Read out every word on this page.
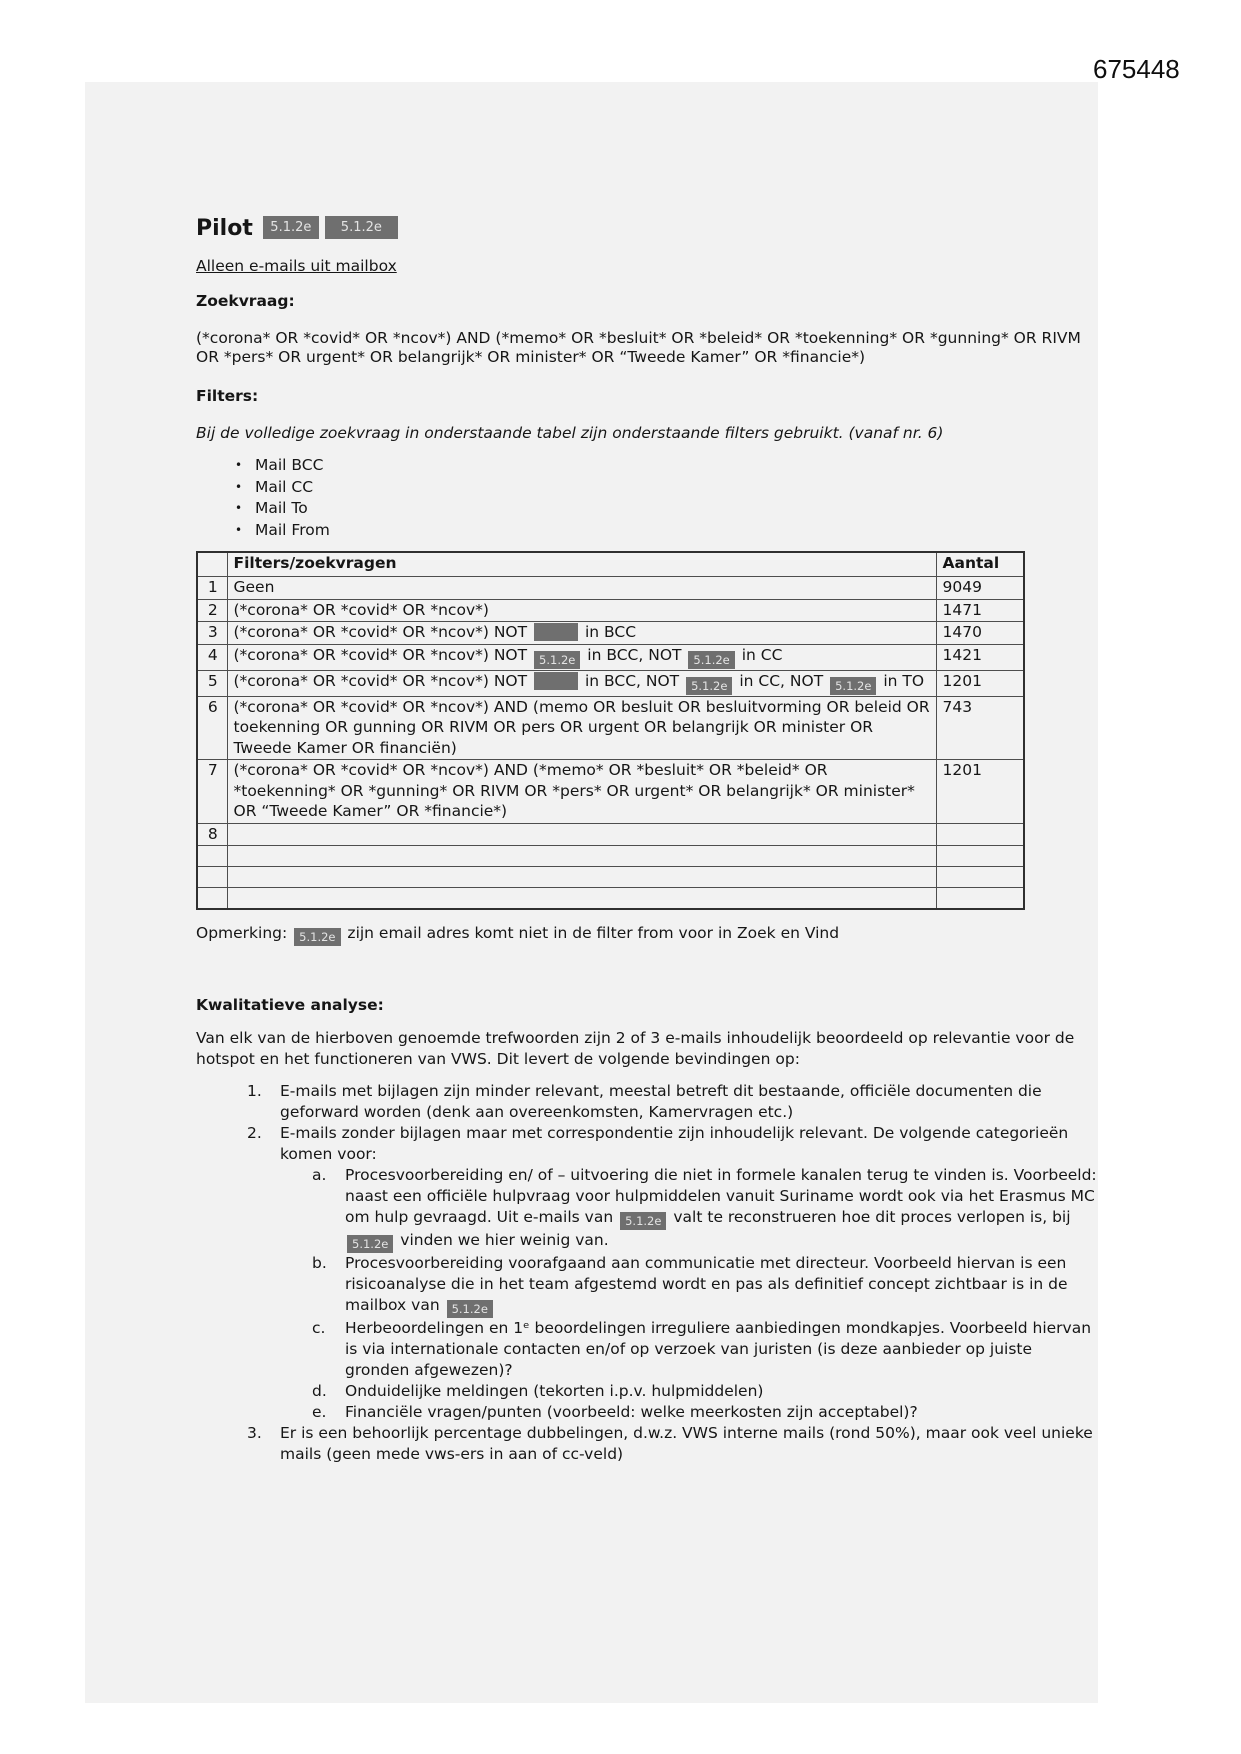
675448
Pilot	5.1.2e	5.1.2e
Alleen e-mails uit mailbox
Zoekvraag:
(*corona* OR *covid* OR *ncov*) AND (*memo* OR *besluit* OR *beleid* OR *toekenning* OR *gunning* OR RIVM OR *pers* OR urgent* OR belangrijk* OR minister* OR “Tweede Kamer” OR *financie*)
Filters:
Bij de volledige zoekvraag in onderstaande tabel zijn onderstaande filters gebruikt. (vanaf nr. 6)
• Mail BCC
• Mail CC
• Mail To
• Mail From
	Filters/zoekvragen	Aantal
1	Geen	9049
2	(*corona* OR *covid* OR *ncov*)	1471
3	(*corona* OR *covid* OR *ncov*) NOT in BCC	1470
4	(*corona* OR *covid* OR *ncov*) NOT 5.1.2e in BCC, NOT 5.1.2e in CC	1421
5	(*corona* OR *covid* OR *ncov*) NOT in BCC, NOT 5.1.2e in CC, NOT 5.1.2e in TO	1201
6	(*corona* OR *covid* OR *ncov*) AND (memo OR besluit OR besluitvorming OR beleid OR toekenning OR gunning OR RIVM OR pers OR urgent OR belangrijk OR minister OR Tweede Kamer OR financiën)	743
7	(*corona* OR *covid* OR *ncov*) AND (*memo* OR *besluit* OR *beleid* OR *toekenning* OR *gunning* OR RIVM OR *pers* OR urgent* OR belangrijk* OR minister* OR “Tweede Kamer” OR *financie*)	1201
8		

Opmerking: 5.1.2e zijn email adres komt niet in de filter from voor in Zoek en Vind
Kwalitatieve analyse:
Van elk van de hierboven genoemde trefwoorden zijn 2 of 3 e-mails inhoudelijk beoordeeld op relevantie voor de hotspot en het functioneren van VWS. Dit levert de volgende bevindingen op:
1.	E-mails met bijlagen zijn minder relevant, meestal betreft dit bestaande, officiële documenten die geforward worden (denk aan overeenkomsten, Kamervragen etc.)
2.	E-mails zonder bijlagen maar met correspondentie zijn inhoudelijk relevant. De volgende categorieën komen voor:
a.	Procesvoorbereiding en/ of – uitvoering die niet in formele kanalen terug te vinden is. Voorbeeld: naast een officiële hulpvraag voor hulpmiddelen vanuit Suriname wordt ook via het Erasmus MC om hulp gevraagd. Uit e-mails van 5.1.2e valt te reconstrueren hoe dit proces verlopen is, bij 5.1.2e vinden we hier weinig van.
b.	Procesvoorbereiding voorafgaand aan communicatie met directeur. Voorbeeld hiervan is een risicoanalyse die in het team afgestemd wordt en pas als definitief concept zichtbaar is in de mailbox van 5.1.2e
c.	Herbeoordelingen en 1ᵉ beoordelingen irreguliere aanbiedingen mondkapjes. Voorbeeld hiervan is via internationale contacten en/of op verzoek van juristen (is deze aanbieder op juiste gronden afgewezen)?
d.	Onduidelijke meldingen (tekorten i.p.v. hulpmiddelen)
e.	Financiële vragen/punten (voorbeeld: welke meerkosten zijn acceptabel)?
3.	Er is een behoorlijk percentage dubbelingen, d.w.z. VWS interne mails (rond 50%), maar ook veel unieke mails (geen mede vws-ers in aan of cc-veld)
